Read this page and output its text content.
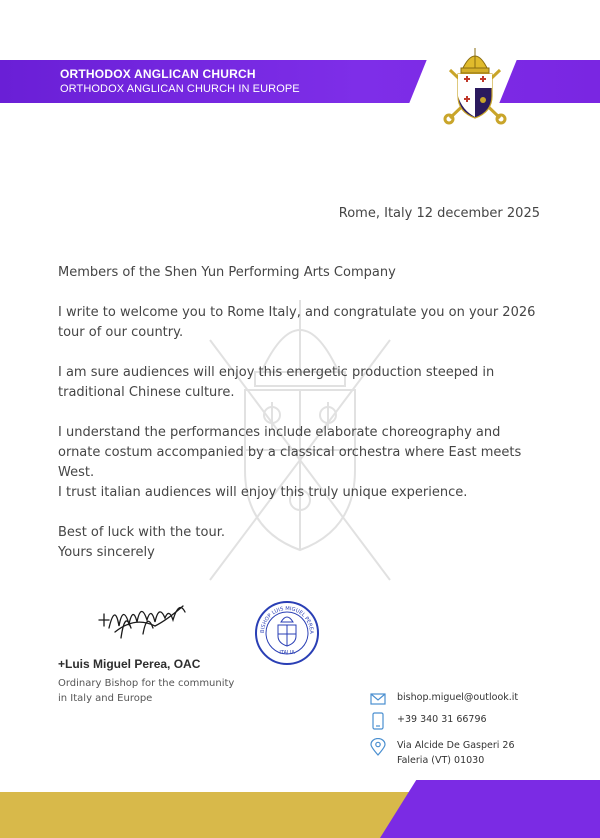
ORTHODOX ANGLICAN CHURCH
ORTHODOX ANGLICAN CHURCH IN EUROPE
Rome, Italy 12 december 2025

Members of the Shen Yun Performing Arts Company

I write to welcome you to Rome Italy, and congratulate you on your 2026 tour of our country.

I am sure audiences will enjoy this energetic production steeped in traditional Chinese culture.

I understand the performances include elaborate choreography and ornate costum accompanied by a classical orchestra where East meets West.
I trust italian audiences will enjoy this truly unique experience.

Best of luck with the tour.

Yours sincerely

BISHOP LUIS MIGUEL PEREA
ITALIA
+Luis Miguel Perea, OAC
Ordinary Bishop for the community
in Italy and Europe	bishop.miguel@outlook.it
+39 340 31 66796
Via Alcide De Gasperi 26
Faleria (VT) 01030
